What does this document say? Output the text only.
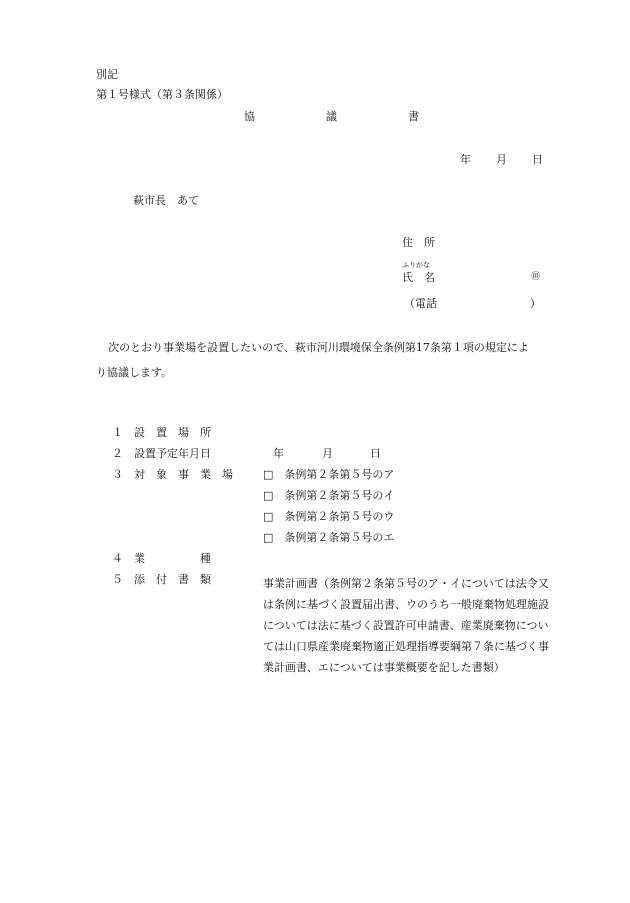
別記
第１号様式（第３条関係）
協	議	書
年 月 日
萩市長　あて
住　所
ふりがな
氏　名	㊞
（電話	）
次のとおり事業場を設置したいので、萩市河川環境保全条例第17条第１項の規定によ
り協議します。
１ 設　置　場　所
２ 設置予定年月日	年	月	日
３ 対　象　事　業　場	□　条例第２条第５号のア
□　条例第２条第５号のイ
□　条例第２条第５号のウ
□　条例第２条第５号のエ
４ 業　　　　　種
５ 添　付　書　類	事業計画書（条例第２条第５号のア・イについては法令又
は条例に基づく設置届出書、ウのうち一般廃棄物処理施設
については法に基づく設置許可申請書、産業廃棄物につい
ては山口県産業廃棄物適正処理指導要綱第７条に基づく事
業計画書、エについては事業概要を記した書類）
